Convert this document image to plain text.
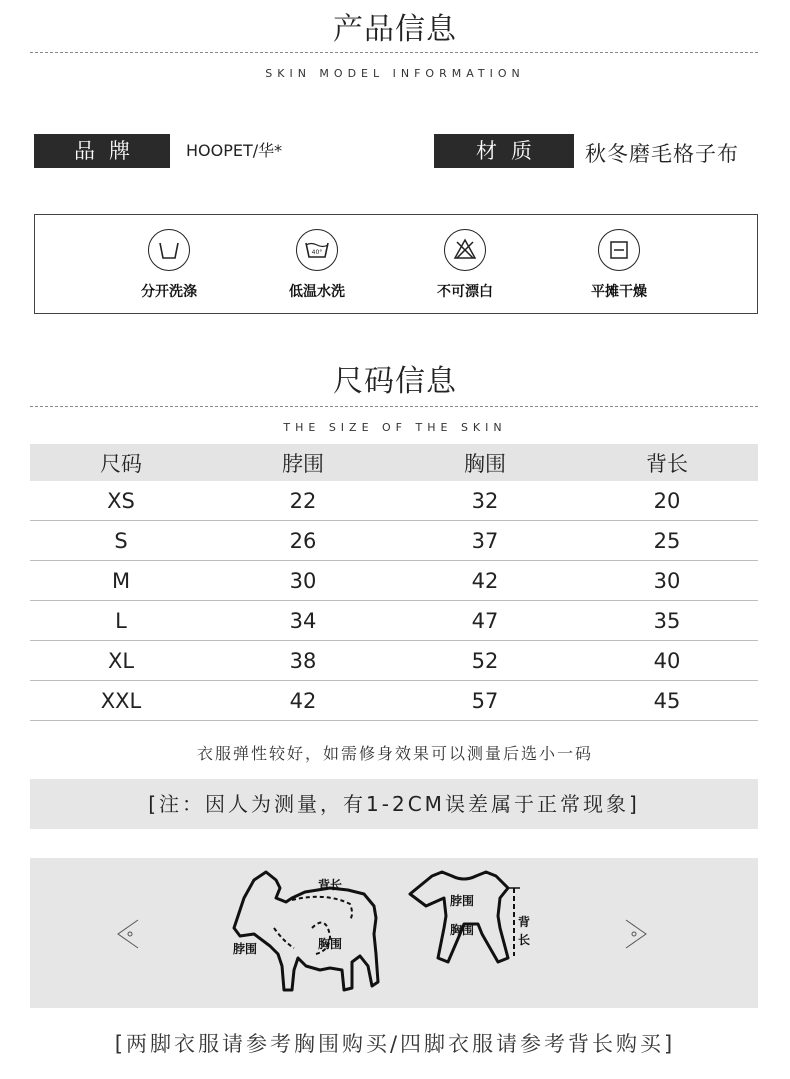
产品信息
SKIN MODEL INFORMATION
品牌	HOOPET/华*	材质	秋冬磨毛格子布
分开洗涤
40°
低温水洗	不可漂白	平摊干燥
尺码信息
THE SIZE OF THE SKIN
尺码	脖围	胸围	背长
XS	22	32	20
S	26	37	25
M	30	42	30
L	34	47	35
XL	38	52	40
XXL	42	57	45
衣服弹性较好，如需修身效果可以测量后选小一码
[注：因人为测量，有1-2CM误差属于正常现象]
背长
脖围	胸围
脖围
胸围
背
长
[两脚衣服请参考胸围购买/四脚衣服请参考背长购买]
